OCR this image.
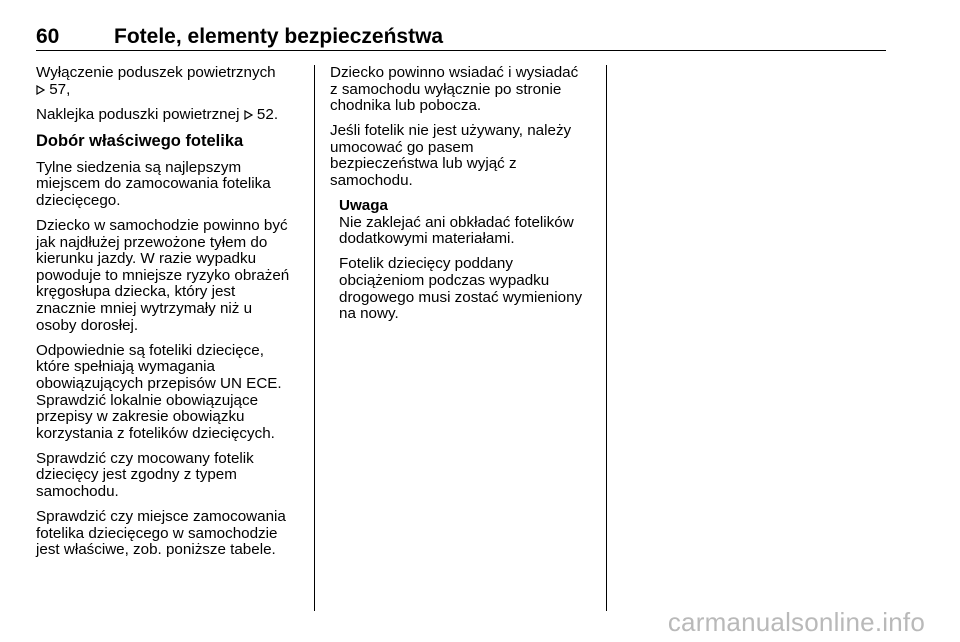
60	Fotele, elementy bezpieczeństwa

Wyłączenie poduszek powietrznych
57,

Naklejka poduszki powietrznej 52.

Dobór właściwego fotelika

Tylne siedzenia są najlepszym
miejscem do zamocowania fotelika
dziecięcego.

Dziecko w samochodzie powinno być
jak najdłużej przewożone tyłem do
kierunku jazdy. W razie wypadku
powoduje to mniejsze ryzyko obrażeń
kręgosłupa dziecka, który jest
znacznie mniej wytrzymały niż u
osoby dorosłej.

Odpowiednie są foteliki dziecięce,
które spełniają wymagania
obowiązujących przepisów UN ECE.
Sprawdzić lokalnie obowiązujące
przepisy w zakresie obowiązku
korzystania z fotelików dziecięcych.

Sprawdzić czy mocowany fotelik
dziecięcy jest zgodny z typem
samochodu.

Sprawdzić czy miejsce zamocowania
fotelika dziecięcego w samochodzie
jest właściwe, zob. poniższe tabele.

Dziecko powinno wsiadać i wysiadać
z samochodu wyłącznie po stronie
chodnika lub pobocza.

Jeśli fotelik nie jest używany, należy
umocować go pasem
bezpieczeństwa lub wyjąć z
samochodu.

Uwaga
Nie zaklejać ani obkładać fotelików
dodatkowymi materiałami.

Fotelik dziecięcy poddany
obciążeniom podczas wypadku
drogowego musi zostać wymieniony
na nowy.

carmanualsonline.info
